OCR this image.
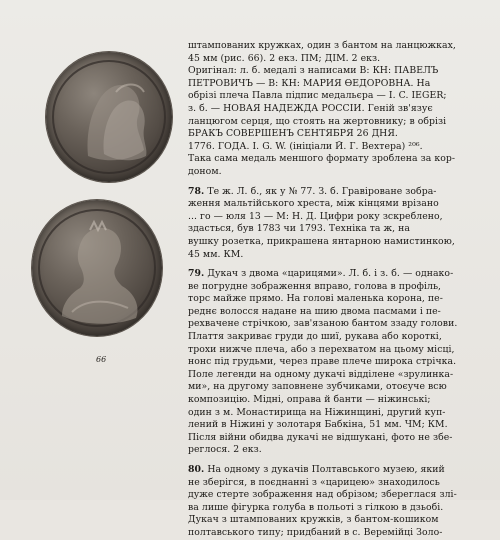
66

штампованих кружках, один з бантом на ланцюжках,
45 мм (рис. 66). 2 екз. ПМ; ДІМ. 2 екз.
Оригінал: л. б. медалі з написами В: КН: ПАВЕЛЪ
ПЕТРОВИЧЪ — В: КН: МАРИЯ ӨЕДОРОВНА. На
обрізі плеча Павла підпис медальєра — I. C. IEGER;
з. б. — НОВАЯ НАДЕЖДА РОССІИ. Геній зв'язує
ланцюгом серця, що стоять на жертовнику; в обрізі
БРАКЪ СОВЕРШЕНЪ СЕНТЯБРЯ 26 ДНЯ.
1776. ГОДА. I. G. W. (ініціали Й. Г. Вехтера) ²⁰⁶.
Така сама медаль меншого формату зроблена за кор-
доном.

78. Те ж. Л. б., як у № 77. З. б. Гравіроване зобра-
ження мальтійського хреста, між кінцями врізано
... го — юля 13 — М: Н. Д. Цифри року зскреблено,
здасться, був 1783 чи 1793. Техніка та ж, на
вушку розетка, прикрашена янтарною намистинкою,
45 мм. КМ.

79. Дукач з двома «царицями». Л. б. і з. б. — однако-
ве погрудне зображення вправо, голова в профіль,
торс майже прямо. На голові маленька корона, пе-
реднє волосся надане на шию двома пасмами і пе-
рехвачене стрічкою, зав'язаною бантом ззаду голови.
Плаття закриває груди до шиї, рукава або короткі,
трохи нижче плеча, або з перехватом на цьому місці,
нонс під грудьми, через праве плече широка стрічка.
Поле легенди на одному дукачі відділене «зрулинка-
ми», на другому заповнене зубчиками, отоєуче всю
композицію. Мідні, оправа й банти — ніжинські;
один з м. Монастирища на Ніжинщині, другий куп-
лений в Ніжині у золотаря Бабкіна, 51 мм. ЧМ; КМ.
Після війни обидва дукачі не відшукані, фото не збе-
реглося. 2 екз.

80. На одному з дукачів Полтавського музею, який
не зберігся, в поєднанні з «царицею» знаходилось
дуже стерте зображення над обрізом; збереглася злі-
ва лише фігурка голуба в польоті з гілкою в дзьобі.
Дукач з штампованих кружків, з бантом-кошиком
полтавського типу; придбаний в с. Веремійці Золо-
